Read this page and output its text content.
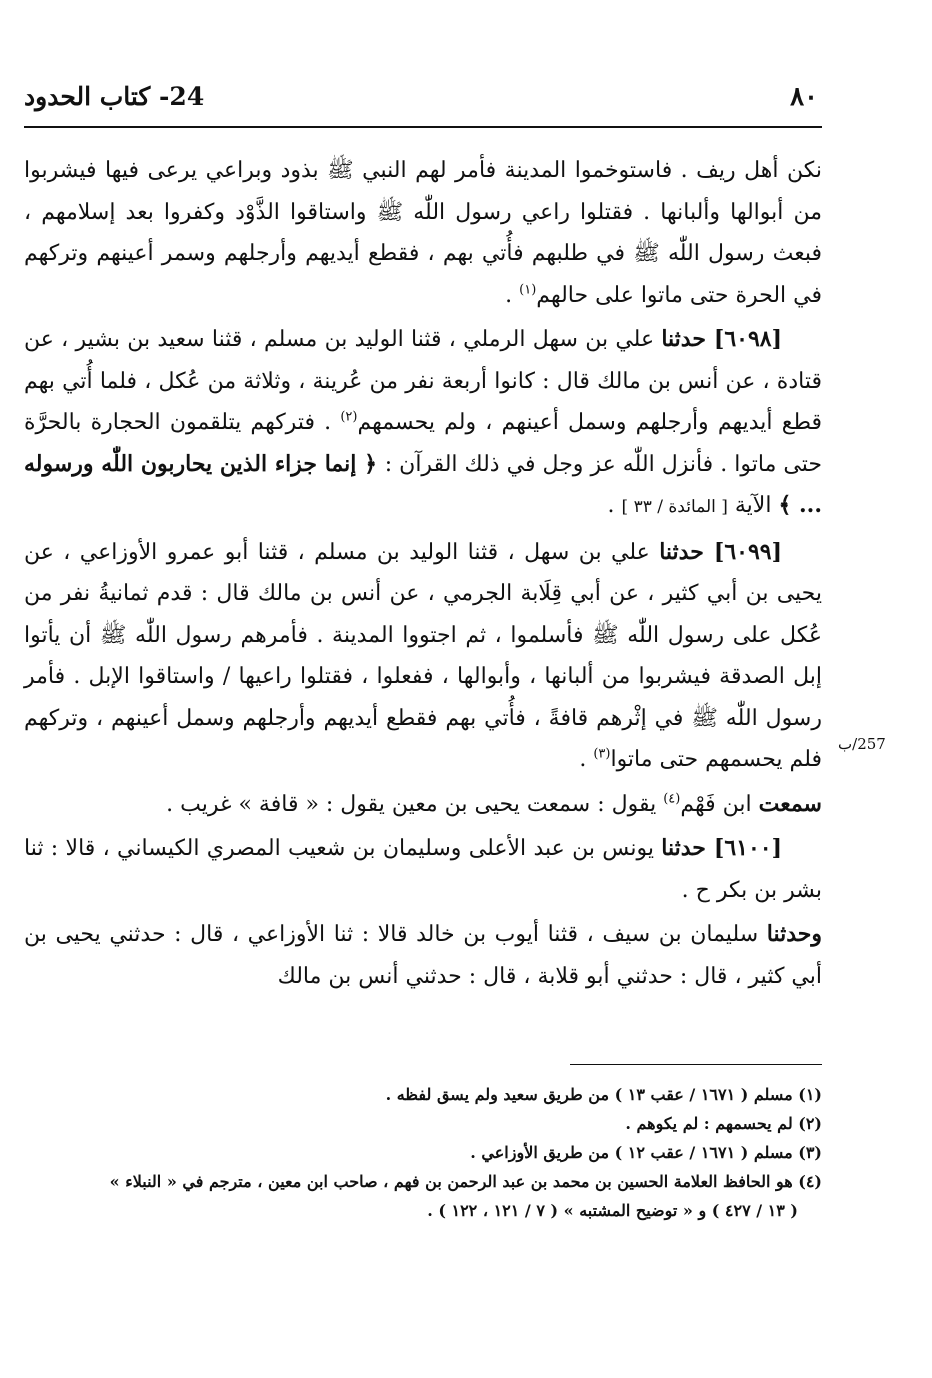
٨٠
24- كتاب الحدود
257/ب

نكن أهل ريف . فاستوخموا المدينة فأمر لهم النبي ﷺ بذود وبراعي يرعى فيها فيشربوا من أبوالها وألبانها . فقتلوا راعي رسول اللّٰه ﷺ واستاقوا الذَّوْد وكفروا بعد إسلامهم ، فبعث رسول اللّٰه ﷺ في طلبهم فأُتي بهم ، فقطع أيديهم وأرجلهم وسمر أعينهم وتركهم في الحرة حتى ماتوا على حالهم$^{(١)}$ .

[٦٠٩٨] حدثنا علي بن سهل الرملي ، قثنا الوليد بن مسلم ، قثنا سعيد بن بشير ، عن قتادة ، عن أنس بن مالك قال : كانوا أربعة نفر من عُرينة ، وثلاثة من عُكل ، فلما أُتي بهم قطع أيديهم وأرجلهم وسمل أعينهم ، ولم يحسمهم$^{(٢)}$ . فتركهم يتلقمون الحجارة بالحرَّة حتى ماتوا . فأنزل اللّٰه عز وجل في ذلك القرآن : ﴿ إنما جزاء الذين يحاربون اللّٰه ورسوله ... ﴾ الآية [ المائدة / ٣٣ ] .

[٦٠٩٩] حدثنا علي بن سهل ، قثنا الوليد بن مسلم ، قثنا أبو عمرو الأوزاعي ، عن يحيى بن أبي كثير ، عن أبي قِلَابة الجرمي ، عن أنس بن مالك قال : قدم ثمانيةُ نفر من عُكل على رسول اللّٰه ﷺ فأسلموا ، ثم اجتووا المدينة . فأمرهم رسول اللّٰه ﷺ أن يأتوا إبل الصدقة فيشربوا من ألبانها ، وأبوالها ، ففعلوا ، فقتلوا راعيها / واستاقوا الإبل . فأمر رسول اللّٰه ﷺ في إثْرهم قافةً ، فأُتي بهم فقطع أيديهم وأرجلهم وسمل أعينهم ، وتركهم فلم يحسمهم حتى ماتوا$^{(٣)}$ .

سمعت ابن فَهْم$^{(٤)}$ يقول : سمعت يحيى بن معين يقول : « قافة » غريب .

[٦١٠٠] حدثنا يونس بن عبد الأعلى وسليمان بن شعيب المصري الكيساني ، قالا : ثنا بشر بن بكر ح .

وحدثنا سليمان بن سيف ، قثنا أيوب بن خالد قالا : ثنا الأوزاعي ، قال : حدثني يحيى بن أبي كثير ، قال : حدثني أبو قلابة ، قال : حدثني أنس بن مالك

(١) مسلم ( ١٦٧١ / عقب ١٣ ) من طريق سعيد ولم يسق لفظه .

(٢) لم يحسمهم : لم يكوهم .

(٣) مسلم ( ١٦٧١ / عقب ١٢ ) من طريق الأوزاعي .

(٤) هو الحافظ العلامة الحسين بن محمد بن عبد الرحمن بن فهم ، صاحب ابن معين ، مترجم في « النبلاء »

( ١٣ / ٤٢٧ ) و « توضيح المشتبه » ( ٧ / ١٢١ ، ١٢٢ ) .
